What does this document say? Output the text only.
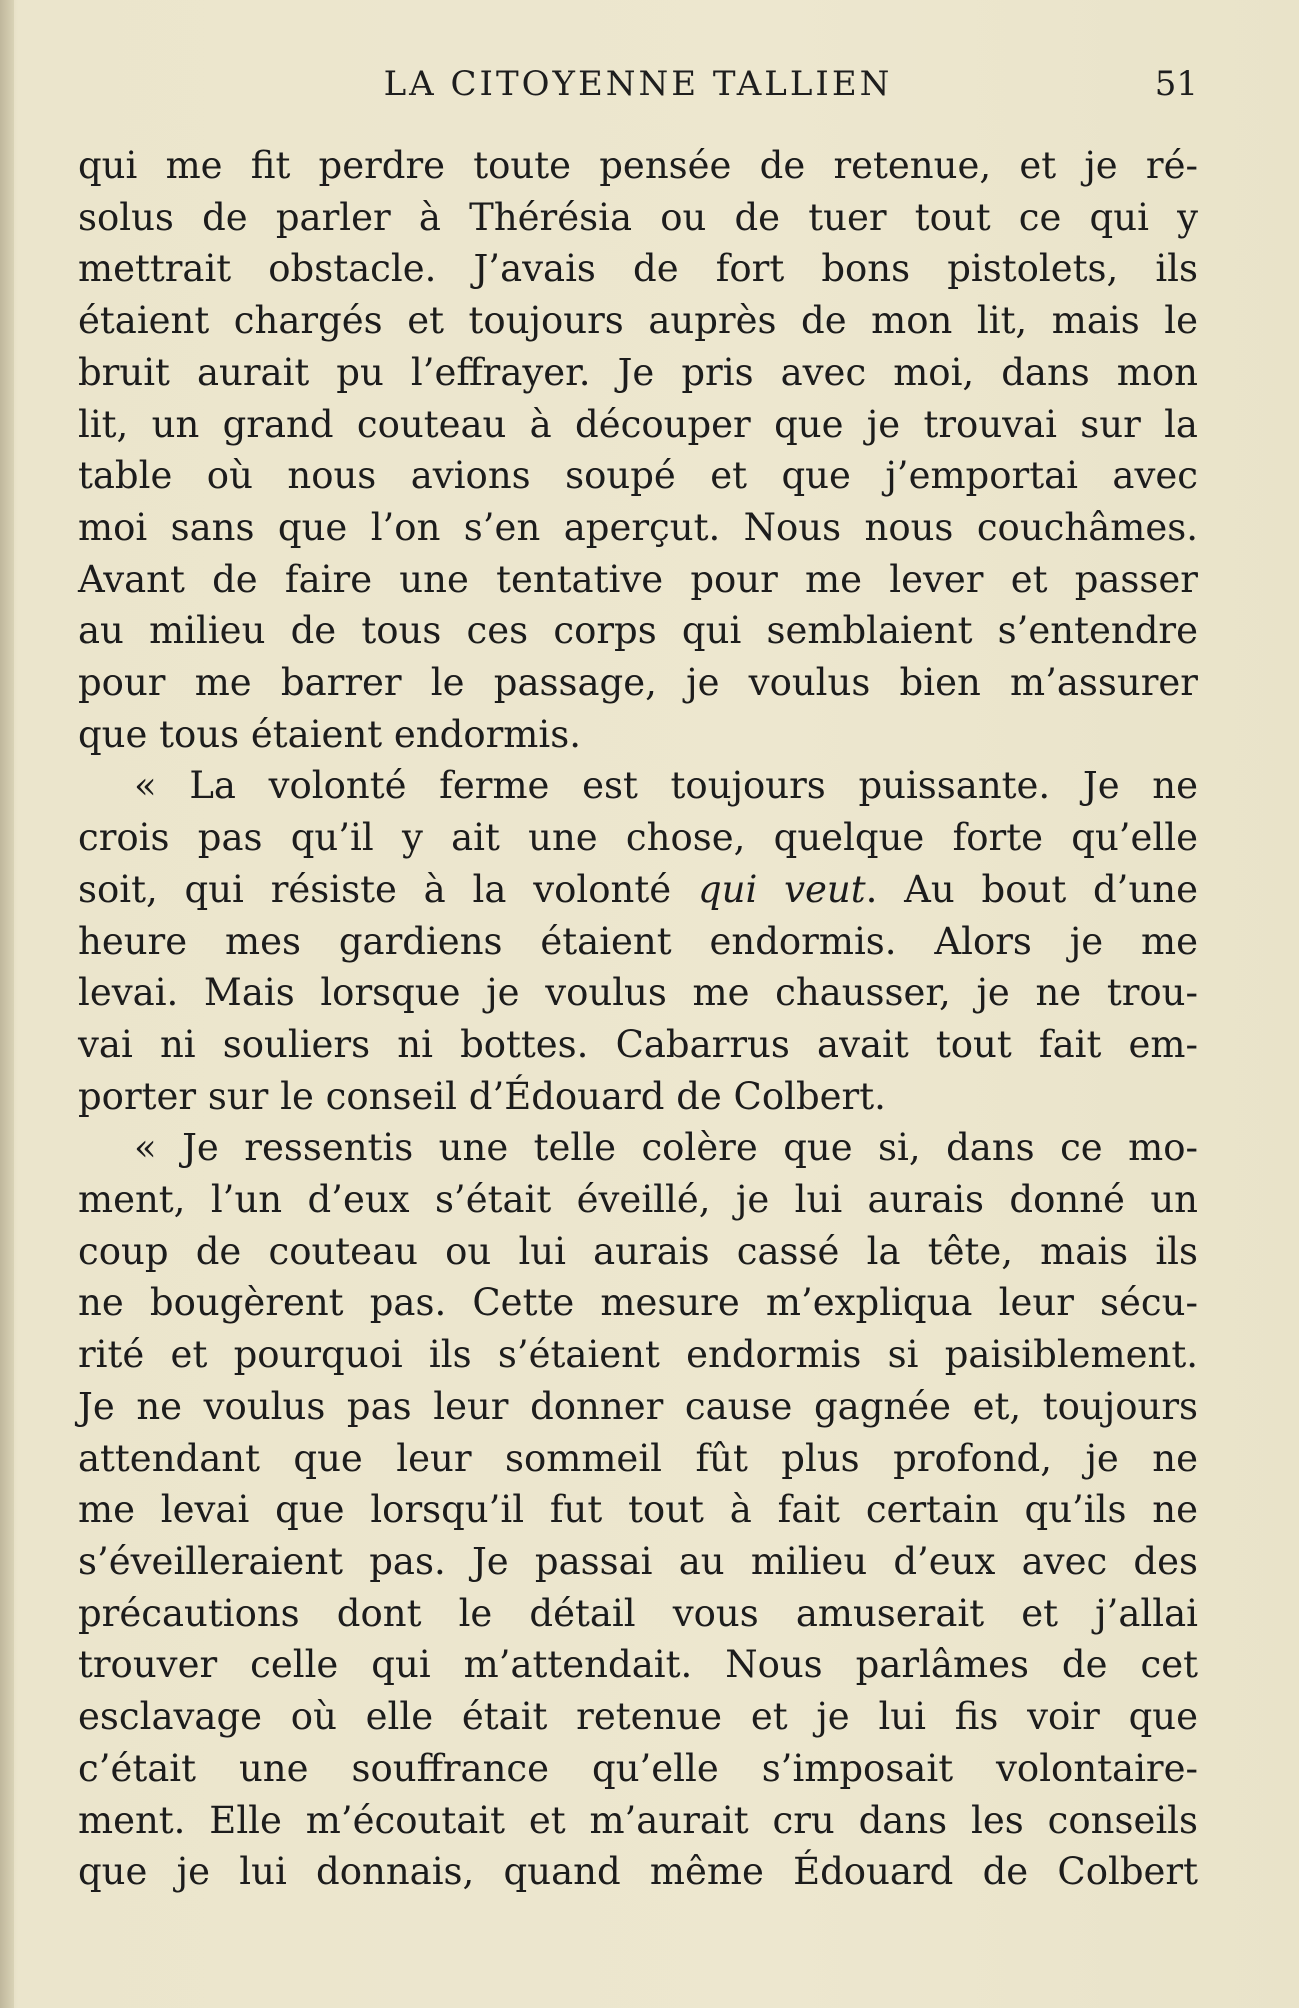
LA CITOYENNE TALLIEN	51

qui me fit perdre toute pensée de retenue, et je ré-
solus de parler à Thérésia ou de tuer tout ce qui y
mettrait obstacle. J’avais de fort bons pistolets, ils
étaient chargés et toujours auprès de mon lit, mais le
bruit aurait pu l’effrayer. Je pris avec moi, dans mon
lit, un grand couteau à découper que je trouvai sur la
table où nous avions soupé et que j’emportai avec
moi sans que l’on s’en aperçut. Nous nous couchâmes.
Avant de faire une tentative pour me lever et passer
au milieu de tous ces corps qui semblaient s’entendre
pour me barrer le passage, je voulus bien m’assurer
que tous étaient endormis.

« La volonté ferme est toujours puissante. Je ne
crois pas qu’il y ait une chose, quelque forte qu’elle
soit, qui résiste à la volonté qui veut. Au bout d’une
heure mes gardiens étaient endormis. Alors je me
levai. Mais lorsque je voulus me chausser, je ne trou-
vai ni souliers ni bottes. Cabarrus avait tout fait em-
porter sur le conseil d’Édouard de Colbert.

« Je ressentis une telle colère que si, dans ce mo-
ment, l’un d’eux s’était éveillé, je lui aurais donné un
coup de couteau ou lui aurais cassé la tête, mais ils
ne bougèrent pas. Cette mesure m’expliqua leur sécu-
rité et pourquoi ils s’étaient endormis si paisiblement.
Je ne voulus pas leur donner cause gagnée et, toujours
attendant que leur sommeil fût plus profond, je ne
me levai que lorsqu’il fut tout à fait certain qu’ils ne
s’éveilleraient pas. Je passai au milieu d’eux avec des
précautions dont le détail vous amuserait et j’allai
trouver celle qui m’attendait. Nous parlâmes de cet
esclavage où elle était retenue et je lui fis voir que
c’était une souffrance qu’elle s’imposait volontaire-
ment. Elle m’écoutait et m’aurait cru dans les conseils
que je lui donnais, quand même Édouard de Colbert
